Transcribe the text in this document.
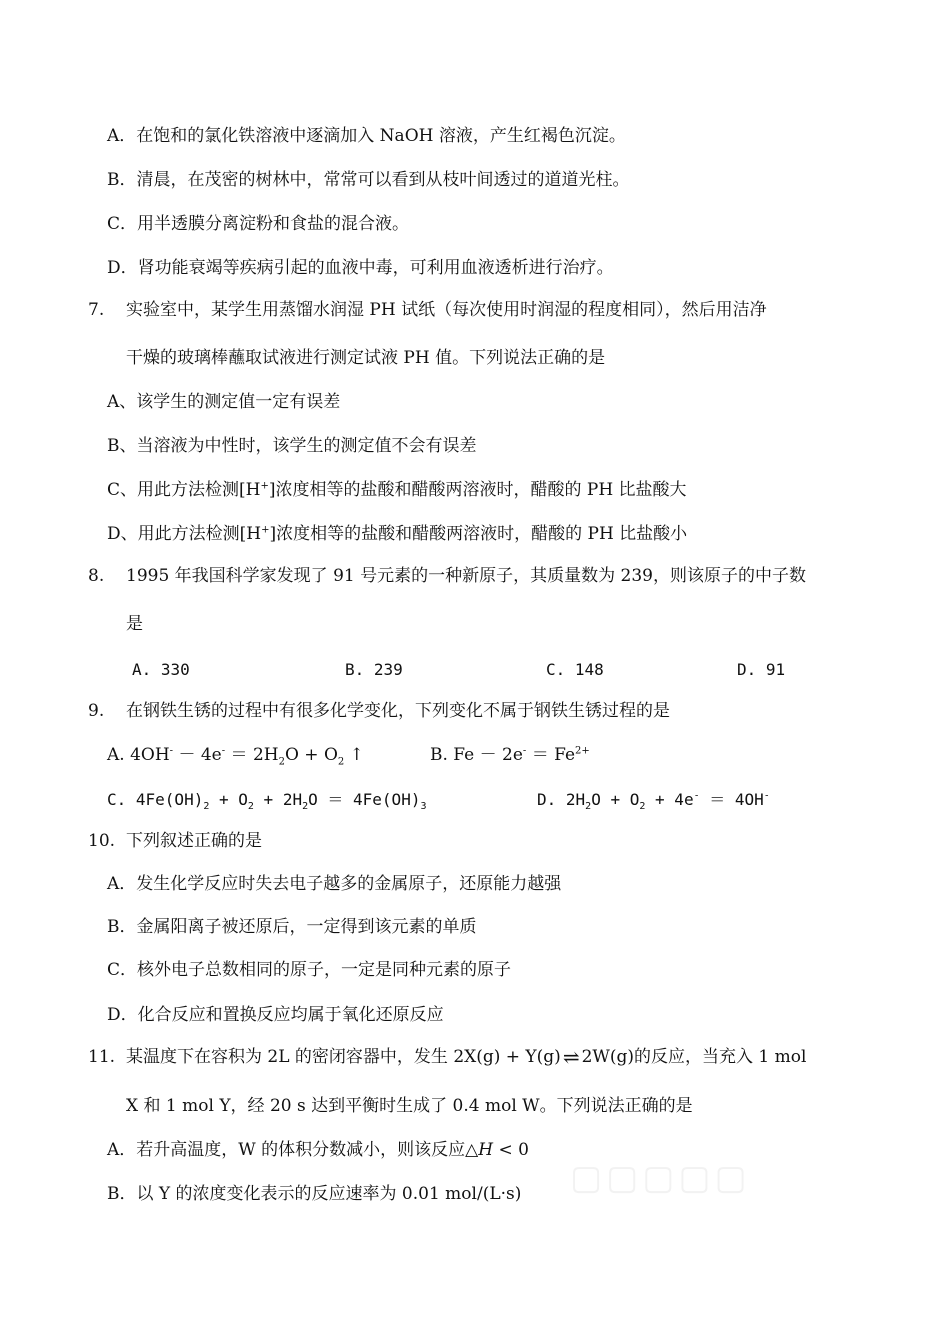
A．在饱和的氯化铁溶液中逐滴加入 NaOH 溶液，产生红褐色沉淀。
B．清晨，在茂密的树林中，常常可以看到从枝叶间透过的道道光柱。
C．用半透膜分离淀粉和食盐的混合液。
D．肾功能衰竭等疾病引起的血液中毒，可利用血液透析进行治疗。
7. 实验室中，某学生用蒸馏水润湿 PH 试纸（每次使用时润湿的程度相同），然后用洁净
干燥的玻璃棒蘸取试液进行测定试液 PH 值。下列说法正确的是
A、该学生的测定值一定有误差
B、当溶液为中性时，该学生的测定值不会有误差
C、用此方法检测[H+]浓度相等的盐酸和醋酸两溶液时，醋酸的 PH 比盐酸大
D、用此方法检测[H+]浓度相等的盐酸和醋酸两溶液时，醋酸的 PH 比盐酸小
8. 1995 年我国科学家发现了 91 号元素的一种新原子，其质量数为 239，则该原子的中子数
是
A. 330	B. 239	C. 148	D. 91
9. 在钢铁生锈的过程中有很多化学变化，下列变化不属于钢铁生锈过程的是
A. $4OH^- - 4e^- = 2H_2O + O_2$ ↑	B. $Fe - 2e^- = Fe^{2+}$
C. $4Fe(OH)_2 + O_2 + 2H_2O = 4Fe(OH)_3$	D. $2H_2O + O_2 + 4e^- = 4OH^-$
10. 下列叙述正确的是
A．发生化学反应时失去电子越多的金属原子，还原能力越强
B．金属阳离子被还原后，一定得到该元素的单质
C．核外电子总数相同的原子，一定是同种元素的原子
D．化合反应和置换反应均属于氧化还原反应
11. 某温度下在容积为 2L 的密闭容器中，发生 2X(g) + Y(g) ⇌ 2W(g)的反应，当充入 1 mol
X 和 1 mol Y，经 20 s 达到平衡时生成了 0.4 mol W。下列说法正确的是
A．若升高温度，W 的体积分数减小，则该反应△H < 0
B．以 Y 的浓度变化表示的反应速率为 0.01 mol/(L·s) ▢▢▢▢▢
